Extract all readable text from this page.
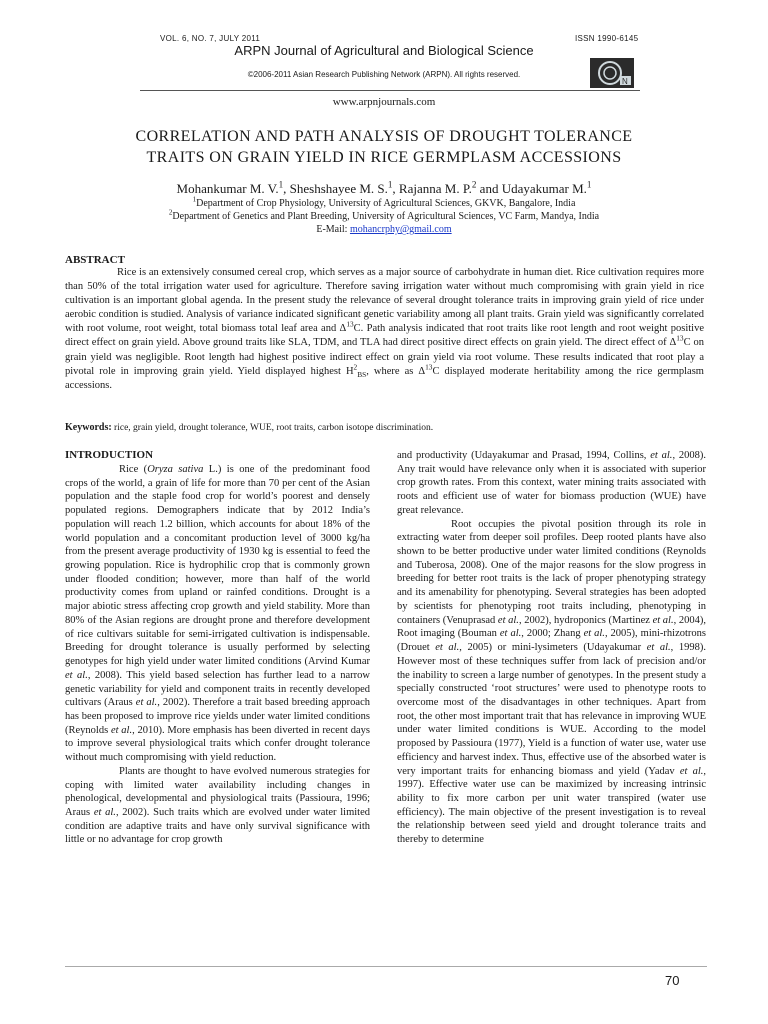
VOL. 6, NO. 7, JULY 2011	ISSN 1990-6145
ARPN Journal of Agricultural and Biological Science
©2006-2011 Asian Research Publishing Network (ARPN). All rights reserved.
N
www.arpnjournals.com
CORRELATION AND PATH ANALYSIS OF DROUGHT TOLERANCE
TRAITS ON GRAIN YIELD IN RICE GERMPLASM ACCESSIONS
Mohankumar M. V.$^1$, Sheshshayee M. S.$^1$, Rajanna M. P.$^2$ and Udayakumar M.$^1$
$^1$Department of Crop Physiology, University of Agricultural Sciences, GKVK, Bangalore, India
$^2$Department of Genetics and Plant Breeding, University of Agricultural Sciences, VC Farm, Mandya, India
E-Mail: mohancrphy@gmail.com
ABSTRACT

Rice is an extensively consumed cereal crop, which serves as a major source of carbohydrate in human diet. Rice cultivation requires more than 50% of the total irrigation water used for agriculture. Therefore saving irrigation water without much compromising with grain yield in rice cultivation is an important global agenda. In the present study the relevance of several drought tolerance traits in improving grain yield of rice under aerobic condition is studied. Analysis of variance indicated significant genetic variability among all plant traits. Grain yield was significantly correlated with root volume, root weight, total biomass total leaf area and $\Delta^{13}C$. Path analysis indicated that root traits like root length and root weight positive direct effect on grain yield. Above ground traits like SLA, TDM, and TLA had direct positive direct effects on grain yield. The direct effect of $\Delta^{13}C$ on grain yield was negligible. Root length had highest positive indirect effect on grain yield via root volume. These results indicated that root play a pivotal role in improving grain yield. Yield displayed highest $H^2_{BS}$, where as $\Delta^{13}C$ displayed moderate heritability among the rice germplasm accessions.

Keywords: rice, grain yield, drought tolerance, WUE, root traits, carbon isotope discrimination.
INTRODUCTION

Rice (Oryza sativa L.) is one of the predominant food crops of the world, a grain of life for more than 70 per cent of the Asian population and the staple food crop for world’s poorest and densely populated regions. Demographers indicate that by 2012 India’s population will reach 1.2 billion, which accounts for about 18% of the world population and a concomitant production level of 3000 kg/ha from the present average productivity of 1930 kg is essential to feed the growing population. Rice is hydrophilic crop that is commonly grown under flooded condition; however, more than half of the world productivity comes from upland or rainfed conditions. Drought is a major abiotic stress affecting crop growth and yield stability. More than 80% of the Asian regions are drought prone and therefore development of rice cultivars suitable for semi-irrigated cultivation is indispensable. Breeding for drought tolerance is usually performed by selecting genotypes for high yield under water limited conditions (Arvind Kumar et al., 2008). This yield based selection has further lead to a narrow genetic variability for yield and component traits in recently developed cultivars (Araus et al., 2002). Therefore a trait based breeding approach has been proposed to improve rice yields under water limited conditions (Reynolds et al., 2010). More emphasis has been diverted in recent days to improve several physiological traits which confer drought tolerance without much compromising with yield reduction.

Plants are thought to have evolved numerous strategies for coping with limited water availability including changes in phenological, developmental and physiological traits (Passioura, 1996; Araus et al., 2002). Such traits which are evolved under water limited condition are adaptive traits and have only survival significance with little or no advantage for crop growth

and productivity (Udayakumar and Prasad, 1994, Collins, et al., 2008). Any trait would have relevance only when it is associated with superior crop growth rates. From this context, water mining traits associated with roots and efficient use of water for biomass production (WUE) have great relevance.

Root occupies the pivotal position through its role in extracting water from deeper soil profiles. Deep rooted plants have also shown to be better productive under water limited conditions (Reynolds and Tuberosa, 2008). One of the major reasons for the slow progress in breeding for better root traits is the lack of proper phenotyping strategy and its amenability for phenotyping. Several strategies has been adopted by scientists for phenotyping root traits including, phenotyping in containers (Venuprasad et al., 2002), hydroponics (Martinez et al., 2004), Root imaging (Bouman et al., 2000; Zhang et al., 2005), mini-rhizotrons (Drouet et al., 2005) or mini-lysimeters (Udayakumar et al., 1998). However most of these techniques suffer from lack of precision and/or the inability to screen a large number of genotypes. In the present study a specially constructed ‘root structures’ were used to phenotype roots to overcome most of the disadvantages in other techniques. Apart from root, the other most important trait that has relevance in improving WUE under water limited conditions is WUE. According to the model proposed by Passioura (1977), Yield is a function of water use, water use efficiency and harvest index. Thus, effective use of the absorbed water is very important traits for enhancing biomass and yield (Yadav et al., 1997). Effective water use can be maximized by increasing intrinsic ability to fix more carbon per unit water transpired (water use efficiency). The main objective of the present investigation is to reveal the relationship between seed yield and drought tolerance traits and thereby to determine

70
